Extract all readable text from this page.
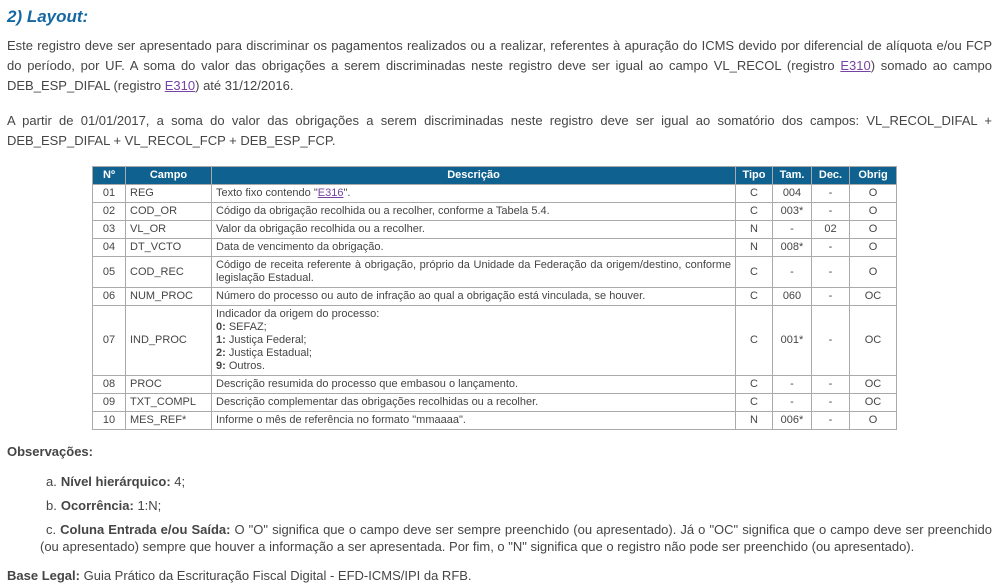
2) Layout:

Este registro deve ser apresentado para discriminar os pagamentos realizados ou a realizar, referentes à apuração do ICMS devido por diferencial de alíquota e/ou FCP do período, por UF. A soma do valor das obrigações a serem discriminadas neste registro deve ser igual ao campo VL_RECOL (registro E310) somado ao campo DEB_ESP_DIFAL (registro E310) até 31/12/2016.

A partir de 01/01/2017, a soma do valor das obrigações a serem discriminadas neste registro deve ser igual ao somatório dos campos: VL_RECOL_DIFAL + DEB_ESP_DIFAL + VL_RECOL_FCP + DEB_ESP_FCP.

Nº	Campo	Descrição	Tipo	Tam.	Dec.	Obrig
01	REG	Texto fixo contendo "E316".	C	004	-	O
02	COD_OR	Código da obrigação recolhida ou a recolher, conforme a Tabela 5.4.	C	003*	-	O
03	VL_OR	Valor da obrigação recolhida ou a recolher.	N	-	02	O
04	DT_VCTO	Data de vencimento da obrigação.	N	008*	-	O
05	COD_REC	Código de receita referente à obrigação, próprio da Unidade da Federação da origem/destino, conforme legislação Estadual.	C	-	-	O
06	NUM_PROC	Número do processo ou auto de infração ao qual a obrigação está vinculada, se houver.	C	060	-	OC
07	IND_PROC	Indicador da origem do processo:
0: SEFAZ;
1: Justiça Federal;
2: Justiça Estadual;
9: Outros.	C	001*	-	OC
08	PROC	Descrição resumida do processo que embasou o lançamento.	C	-	-	OC
09	TXT_COMPL	Descrição complementar das obrigações recolhidas ou a recolher.	C	-	-	OC
10	MES_REF*	Informe o mês de referência no formato "mmaaaa".	N	006*	-	O
Observações:
a. Nível hierárquico: 4;
b. Ocorrência: 1:N;
c. Coluna Entrada e/ou Saída: O "O" significa que o campo deve ser sempre preenchido (ou apresentado). Já o "OC" significa que o campo deve ser preenchido (ou apresentado) sempre que houver a informação a ser apresentada. Por fim, o "N" significa que o registro não pode ser preenchido (ou apresentado).
Base Legal: Guia Prático da Escrituração Fiscal Digital - EFD-ICMS/IPI da RFB.
